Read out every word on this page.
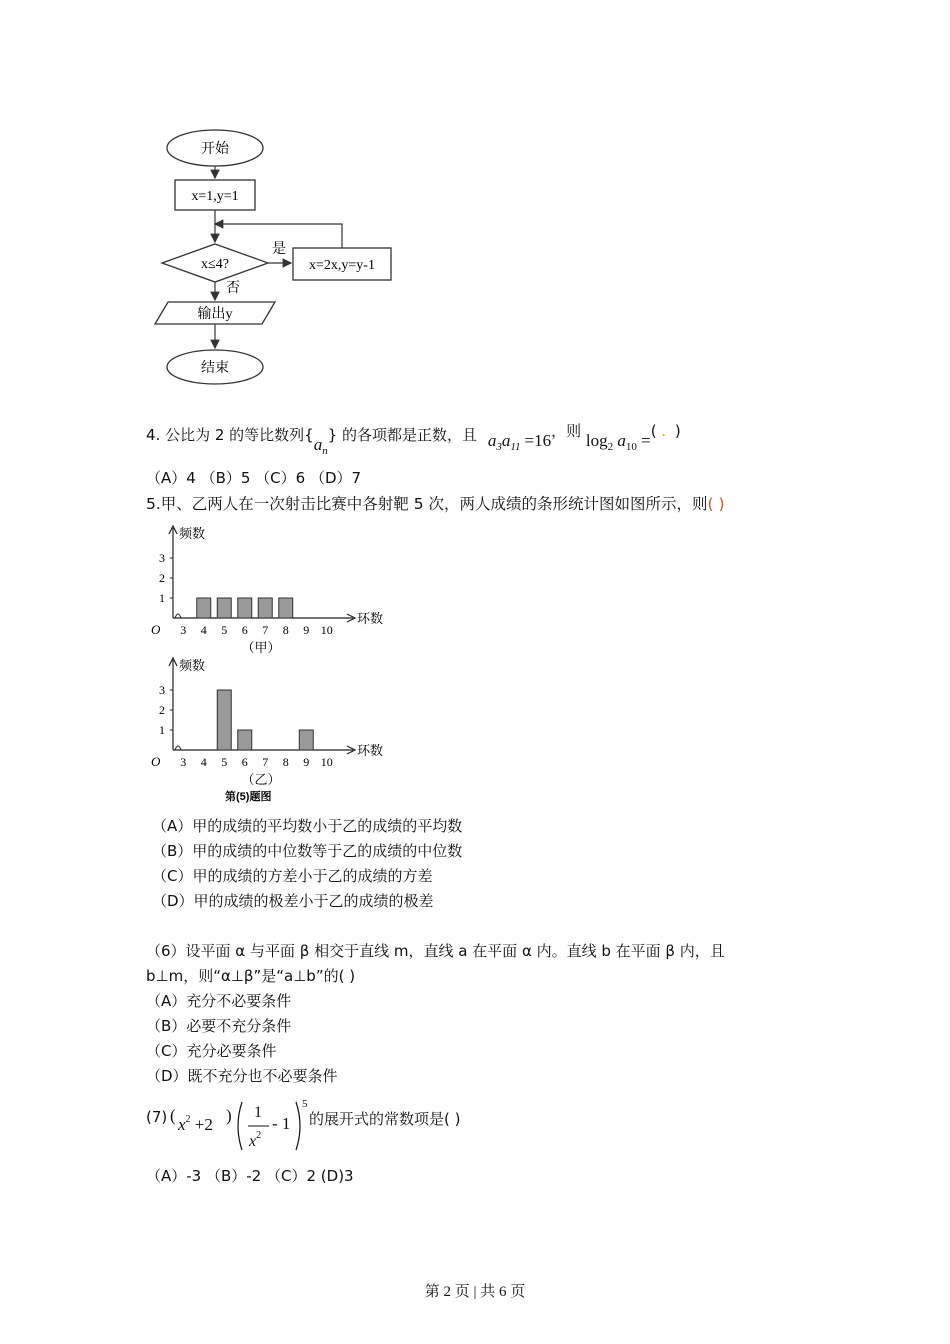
开始
x=1,y=1
x≤4?
是
x=2x,y=y-1
否
输出y
结束
4. 公比为 2 的等比数列$\{a_n\}$ 的各项都是正数，且 $a_3a_{11} =16$，则 $\log_2 a_{10}$ =( . )
（A）4 （B）5 （C）6 （D）7
5.甲、乙两人在一次射击比赛中各射靶 5 次，两人成绩的条形统计图如图所示，则( )
频数
环数
O
1
2
3
3 4 5 6 7 8 9 10
（甲）
频数
环数
O
1
2
3
3 4 5 6 7 8 9 10
（乙）
第(5)题图
（A）甲的成绩的平均数小于乙的成绩的平均数
（B）甲的成绩的中位数等于乙的成绩的中位数
（C）甲的成绩的方差小于乙的成绩的方差
（D）甲的成绩的极差小于乙的成绩的极差
（6）设平面 α 与平面 β 相交于直线 m，直线 a 在平面 α 内。直线 b 在平面 β 内，且
b⊥m，则“α⊥β”是“a⊥b”的( )
（A）充分不必要条件
（B）必要不充分条件
（C）充分必要条件
（D）既不充分也不必要条件
(7) ( $x^2 +2$ ) 1
$x^2$
- 1
5
的展开式的常数项是( )
（A）-3 （B）-2 （C）2 (D)3
第 2 页 | 共 6 页
